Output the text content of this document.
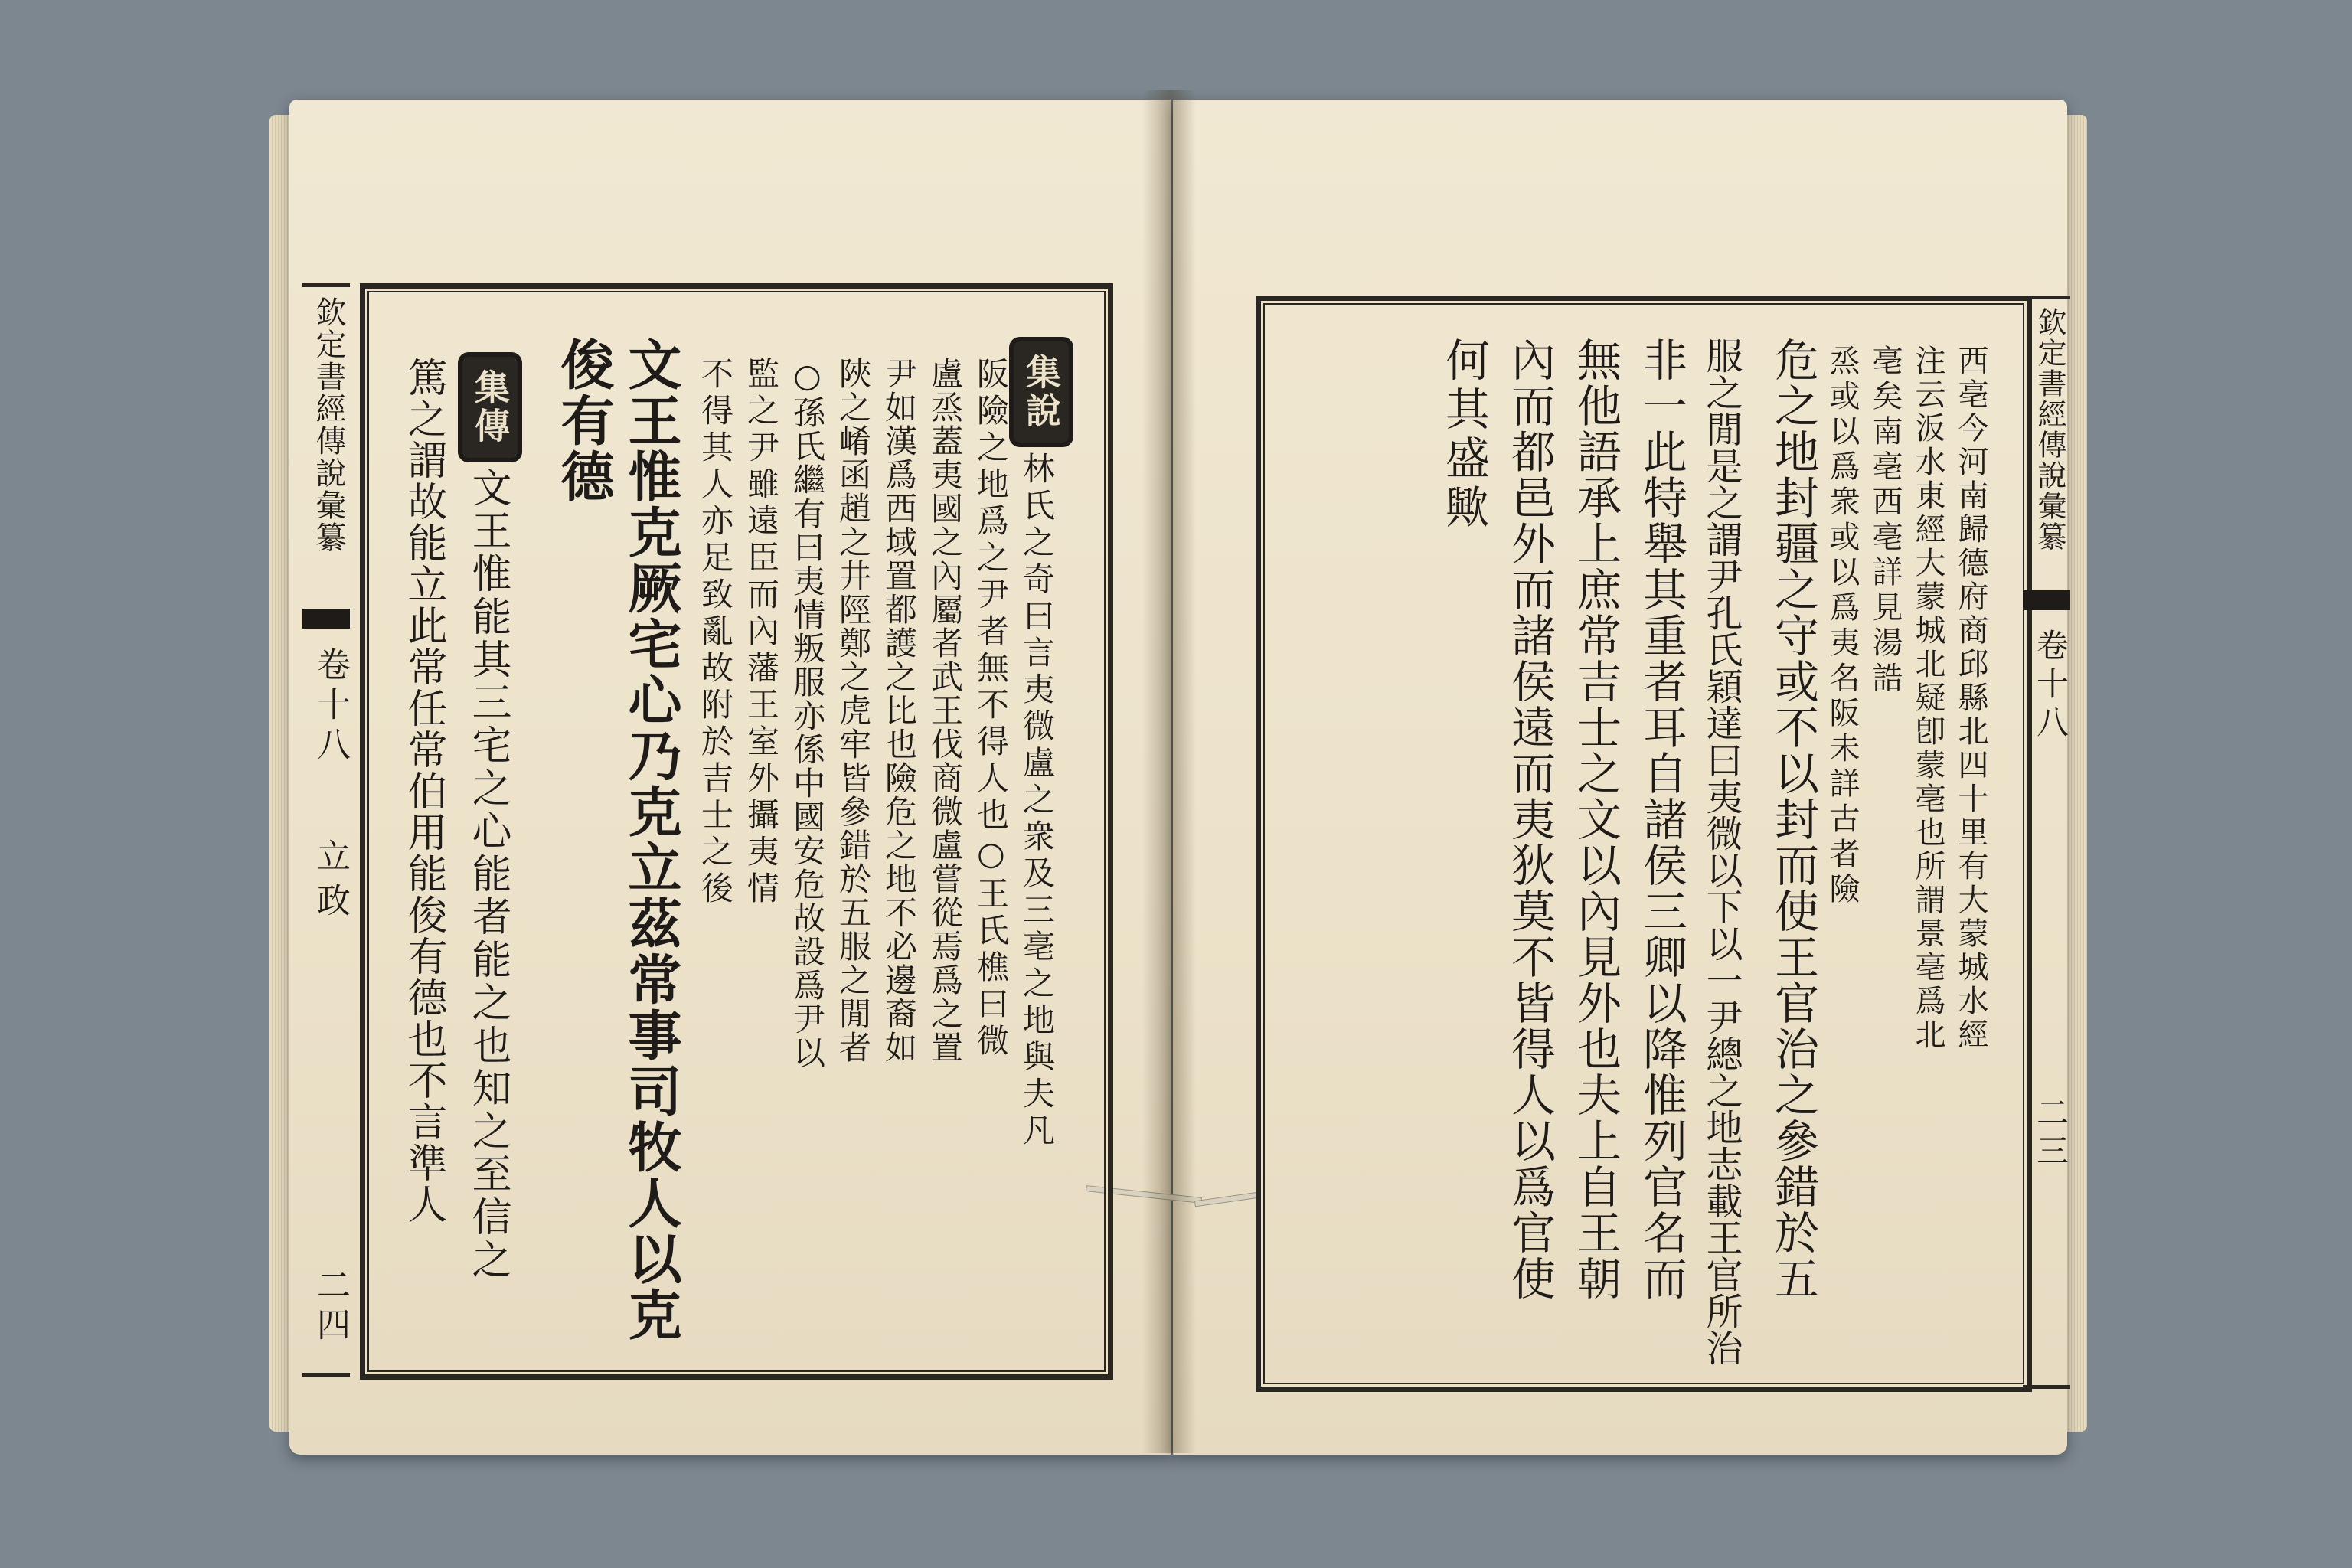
欽定書經傳說彙纂
卷十八
立政
二四
集說
林氏之奇曰言夷微盧之衆及三亳之地與夫凡
阪險之地爲之尹者無不得人也○王氏樵曰微
盧烝蓋夷國之內屬者武王伐商微盧嘗從焉爲之置
尹如漢爲西域置都護之比也險危之地不必邊裔如
陜之崤函趙之井陘鄭之虎牢皆參錯於五服之閒者
○孫氏繼有曰夷情叛服亦係中國安危故設爲尹以
監之尹雖遠臣而內藩王室外攝夷情
不得其人亦足致亂故附於吉士之後
文王惟克厥宅心乃克立茲常事司牧人以克
俊有德
集傳
文王惟能其三宅之心能者能之也知之至信之
篤之謂故能立此常任常伯用能俊有德也不言準人	欽定書經傳說彙纂
卷十八
二三
西亳今河南歸德府商邱縣北四十里有大蒙城水經
注云汳水東經大蒙城北疑卽蒙亳也所謂景亳爲北
亳矣南亳西亳詳見湯誥
烝或以爲衆或以爲夷名阪未詳古者險
危之地封疆之守或不以封而使王官治之參錯於五
服之閒是之謂尹孔氏穎達曰夷微以下以一尹總之地志載王官所治
非一此特舉其重者耳自諸侯三卿以降惟列官名而
無他語承上庶常吉士之文以內見外也夫上自王朝
內而都邑外而諸侯遠而夷狄莫不皆得人以爲官使
何其盛歟
